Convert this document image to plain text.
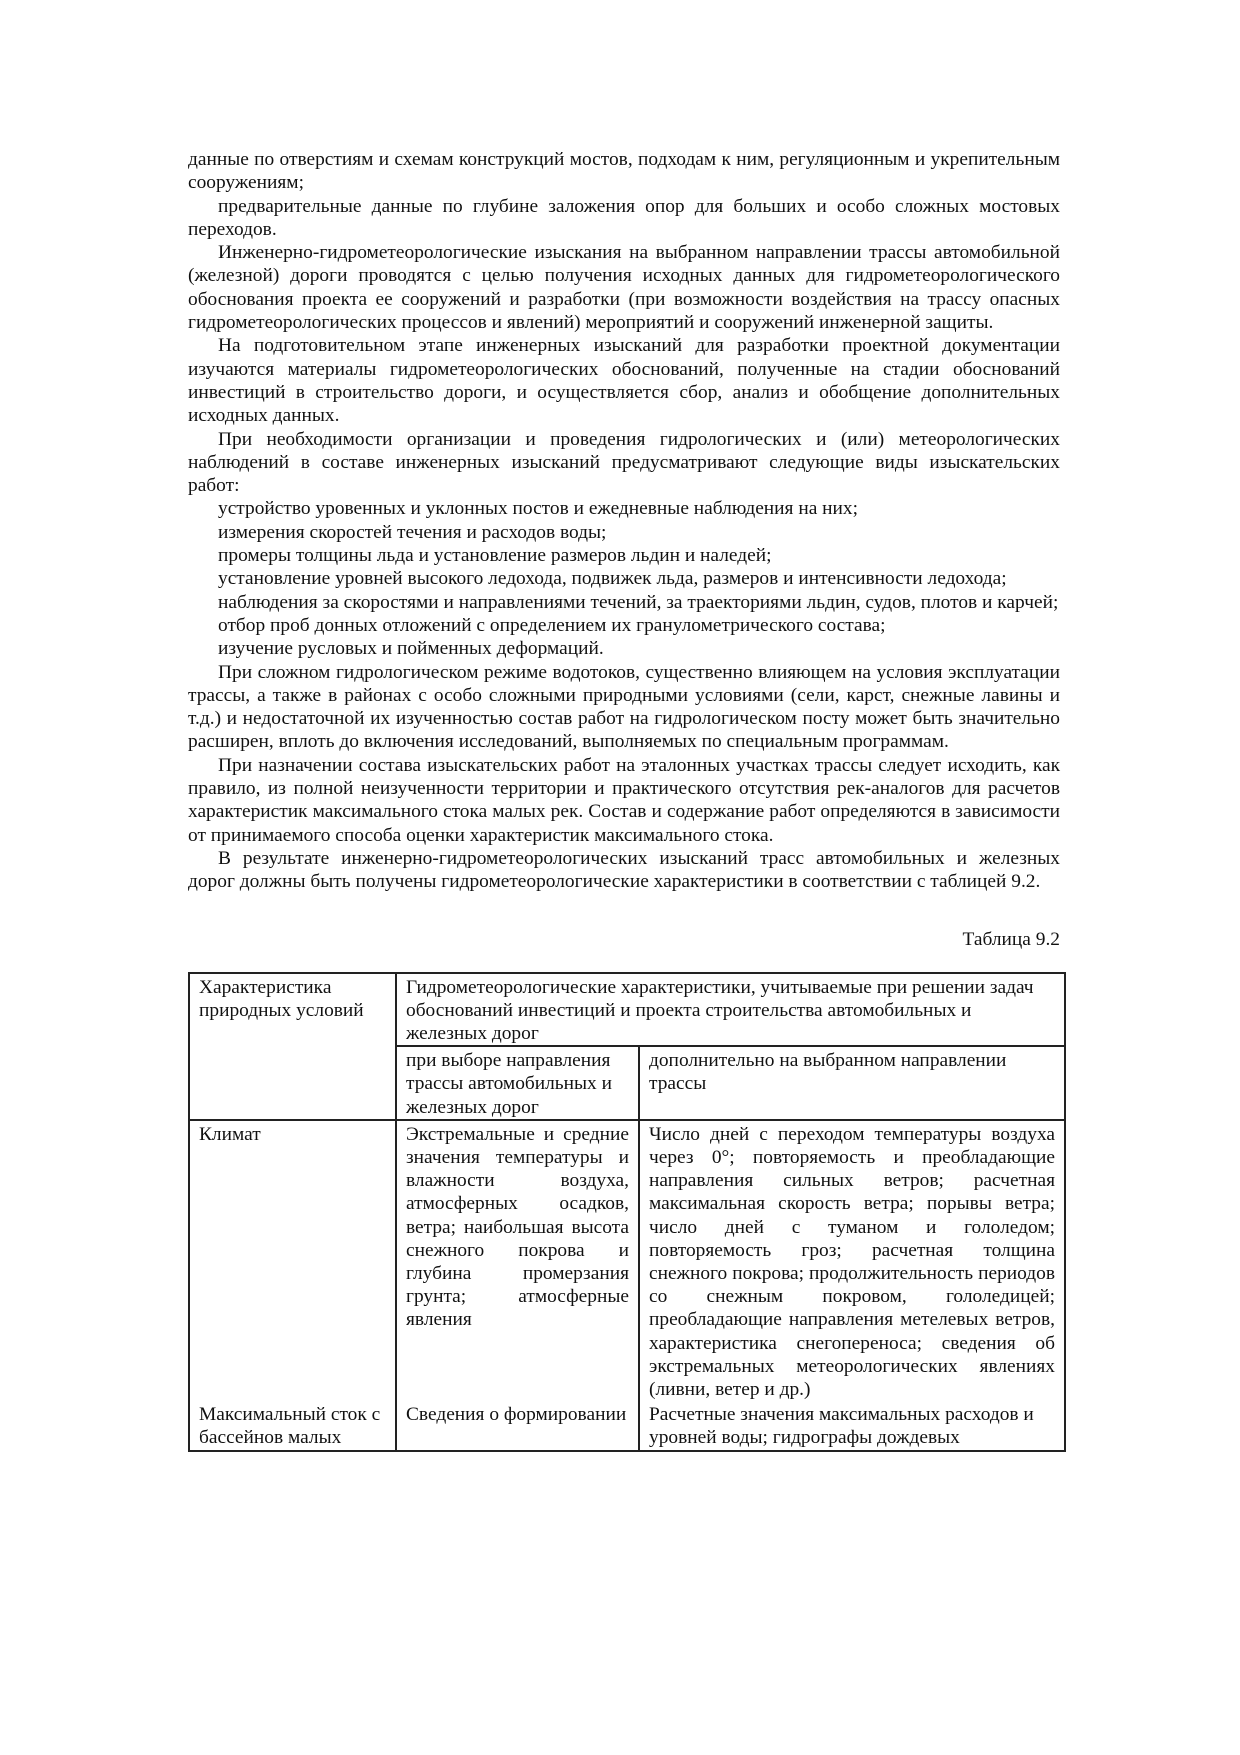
данные по отверстиям и схемам конструкций мостов, подходам к ним, регуляционным и укрепительным сооружениям;

предварительные данные по глубине заложения опор для больших и особо сложных мостовых переходов.

Инженерно-гидрометеорологические изыскания на выбранном направлении трассы автомобильной (железной) дороги проводятся с целью получения исходных данных для гидрометеорологического обоснования проекта ее сооружений и разработки (при возможности воздействия на трассу опасных гидрометеорологических процессов и явлений) мероприятий и сооружений инженерной защиты.

На подготовительном этапе инженерных изысканий для разработки проектной документации изучаются материалы гидрометеорологических обоснований, полученные на стадии обоснований инвестиций в строительство дороги, и осуществляется сбор, анализ и обобщение дополнительных исходных данных.

При необходимости организации и проведения гидрологических и (или) метеорологических наблюдений в составе инженерных изысканий предусматривают следующие виды изыскательских работ:

устройство уровенных и уклонных постов и ежедневные наблюдения на них;

измерения скоростей течения и расходов воды;

промеры толщины льда и установление размеров льдин и наледей;

установление уровней высокого ледохода, подвижек льда, размеров и интенсивности ледохода;

наблюдения за скоростями и направлениями течений, за траекториями льдин, судов, плотов и карчей;

отбор проб донных отложений с определением их гранулометрического состава;

изучение русловых и пойменных деформаций.

При сложном гидрологическом режиме водотоков, существенно влияющем на условия эксплуатации трассы, а также в районах с особо сложными природными условиями (сели, карст, снежные лавины и т.д.) и недостаточной их изученностью состав работ на гидрологическом посту может быть значительно расширен, вплоть до включения исследований, выполняемых по специальным программам.

При назначении состава изыскательских работ на эталонных участках трассы следует исходить, как правило, из полной неизученности территории и практического отсутствия рек-аналогов для расчетов характеристик максимального стока малых рек. Состав и содержание работ определяются в зависимости от принимаемого способа оценки характеристик максимального стока.

В результате инженерно-гидрометеорологических изысканий трасс автомобильных и железных дорог должны быть получены гидрометеорологические характеристики в соответствии с таблицей 9.2.

Таблица 9.2
Характеристика природных условий	Гидрометеорологические характеристики, учитываемые при решении задач обоснований инвестиций и проекта строительства автомобильных и железных дорог	
	при выборе направления трассы автомобильных и железных дорог	дополнительно на выбранном направлении трассы
Климат	Экстремальные и средние значения температуры и влажности воздуха, атмосферных осадков, ветра; наибольшая высота снежного покрова и глубина промерзания грунта; атмосферные явления	Число дней с переходом температуры воздуха через 0°; повторяемость и преобладающие направления сильных ветров; расчетная максимальная скорость ветра; порывы ветра; число дней с туманом и гололедом; повторяемость гроз; расчетная толщина снежного покрова; продолжительность периодов со снежным покровом, гололедицей; преобладающие направления метелевых ветров, характеристика снегопереноса; сведения об экстремальных метеорологических явлениях (ливни, ветер и др.)
Максимальный сток с бассейнов малых	Сведения о формировании	Расчетные значения максимальных расходов и уровней воды; гидрографы дождевых
